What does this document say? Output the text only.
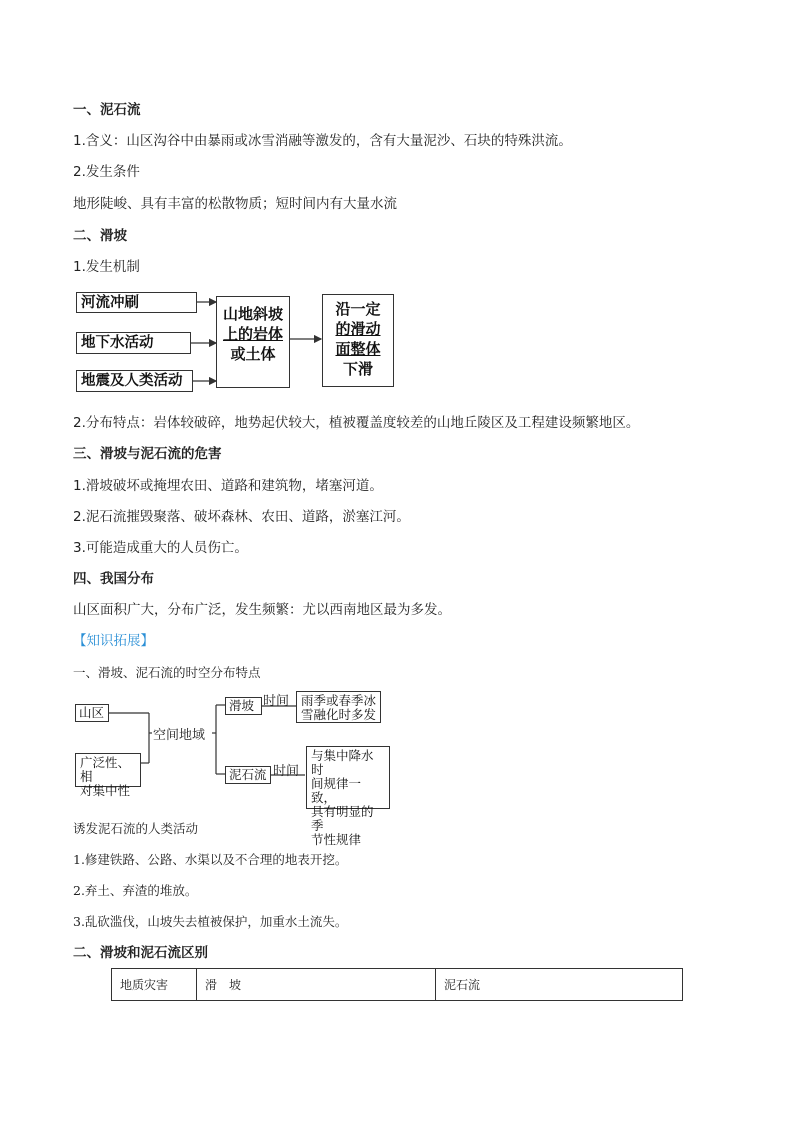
一、泥石流
1.含义：山区沟谷中由暴雨或冰雪消融等激发的，含有大量泥沙、石块的特殊洪流。
2.发生条件
地形陡峻、具有丰富的松散物质；短时间内有大量水流
二、滑坡
1.发生机制
河流冲刷
地下水活动
地震及人类活动
山地斜坡
上的岩体
或土体
沿一定
的滑动
面整体
下滑
2.分布特点：岩体较破碎，地势起伏较大，植被覆盖度较差的山地丘陵区及工程建设频繁地区。
三、滑坡与泥石流的危害
1.滑坡破坏或掩埋农田、道路和建筑物，堵塞河道。
2.泥石流摧毁聚落、破坏森林、农田、道路，淤塞江河。
3.可能造成重大的人员伤亡。
四、我国分布
山区面积广大，分布广泛，发生频繁：尤以西南地区最为多发。
【知识拓展】
一、滑坡、泥石流的时空分布特点
山区
广泛性、相
对集中性
空间地域
滑坡 时间 雨季或春季冰
雪融化时多发
泥石流 时间
与集中降水时
间规律一致，
具有明显的季
节性规律
诱发泥石流的人类活动
1.修建铁路、公路、水渠以及不合理的地表开挖。
2.弃土、弃渣的堆放。
3.乱砍滥伐，山坡失去植被保护，加重水土流失。
二、滑坡和泥石流区别
地质灾害	滑　坡	泥石流
